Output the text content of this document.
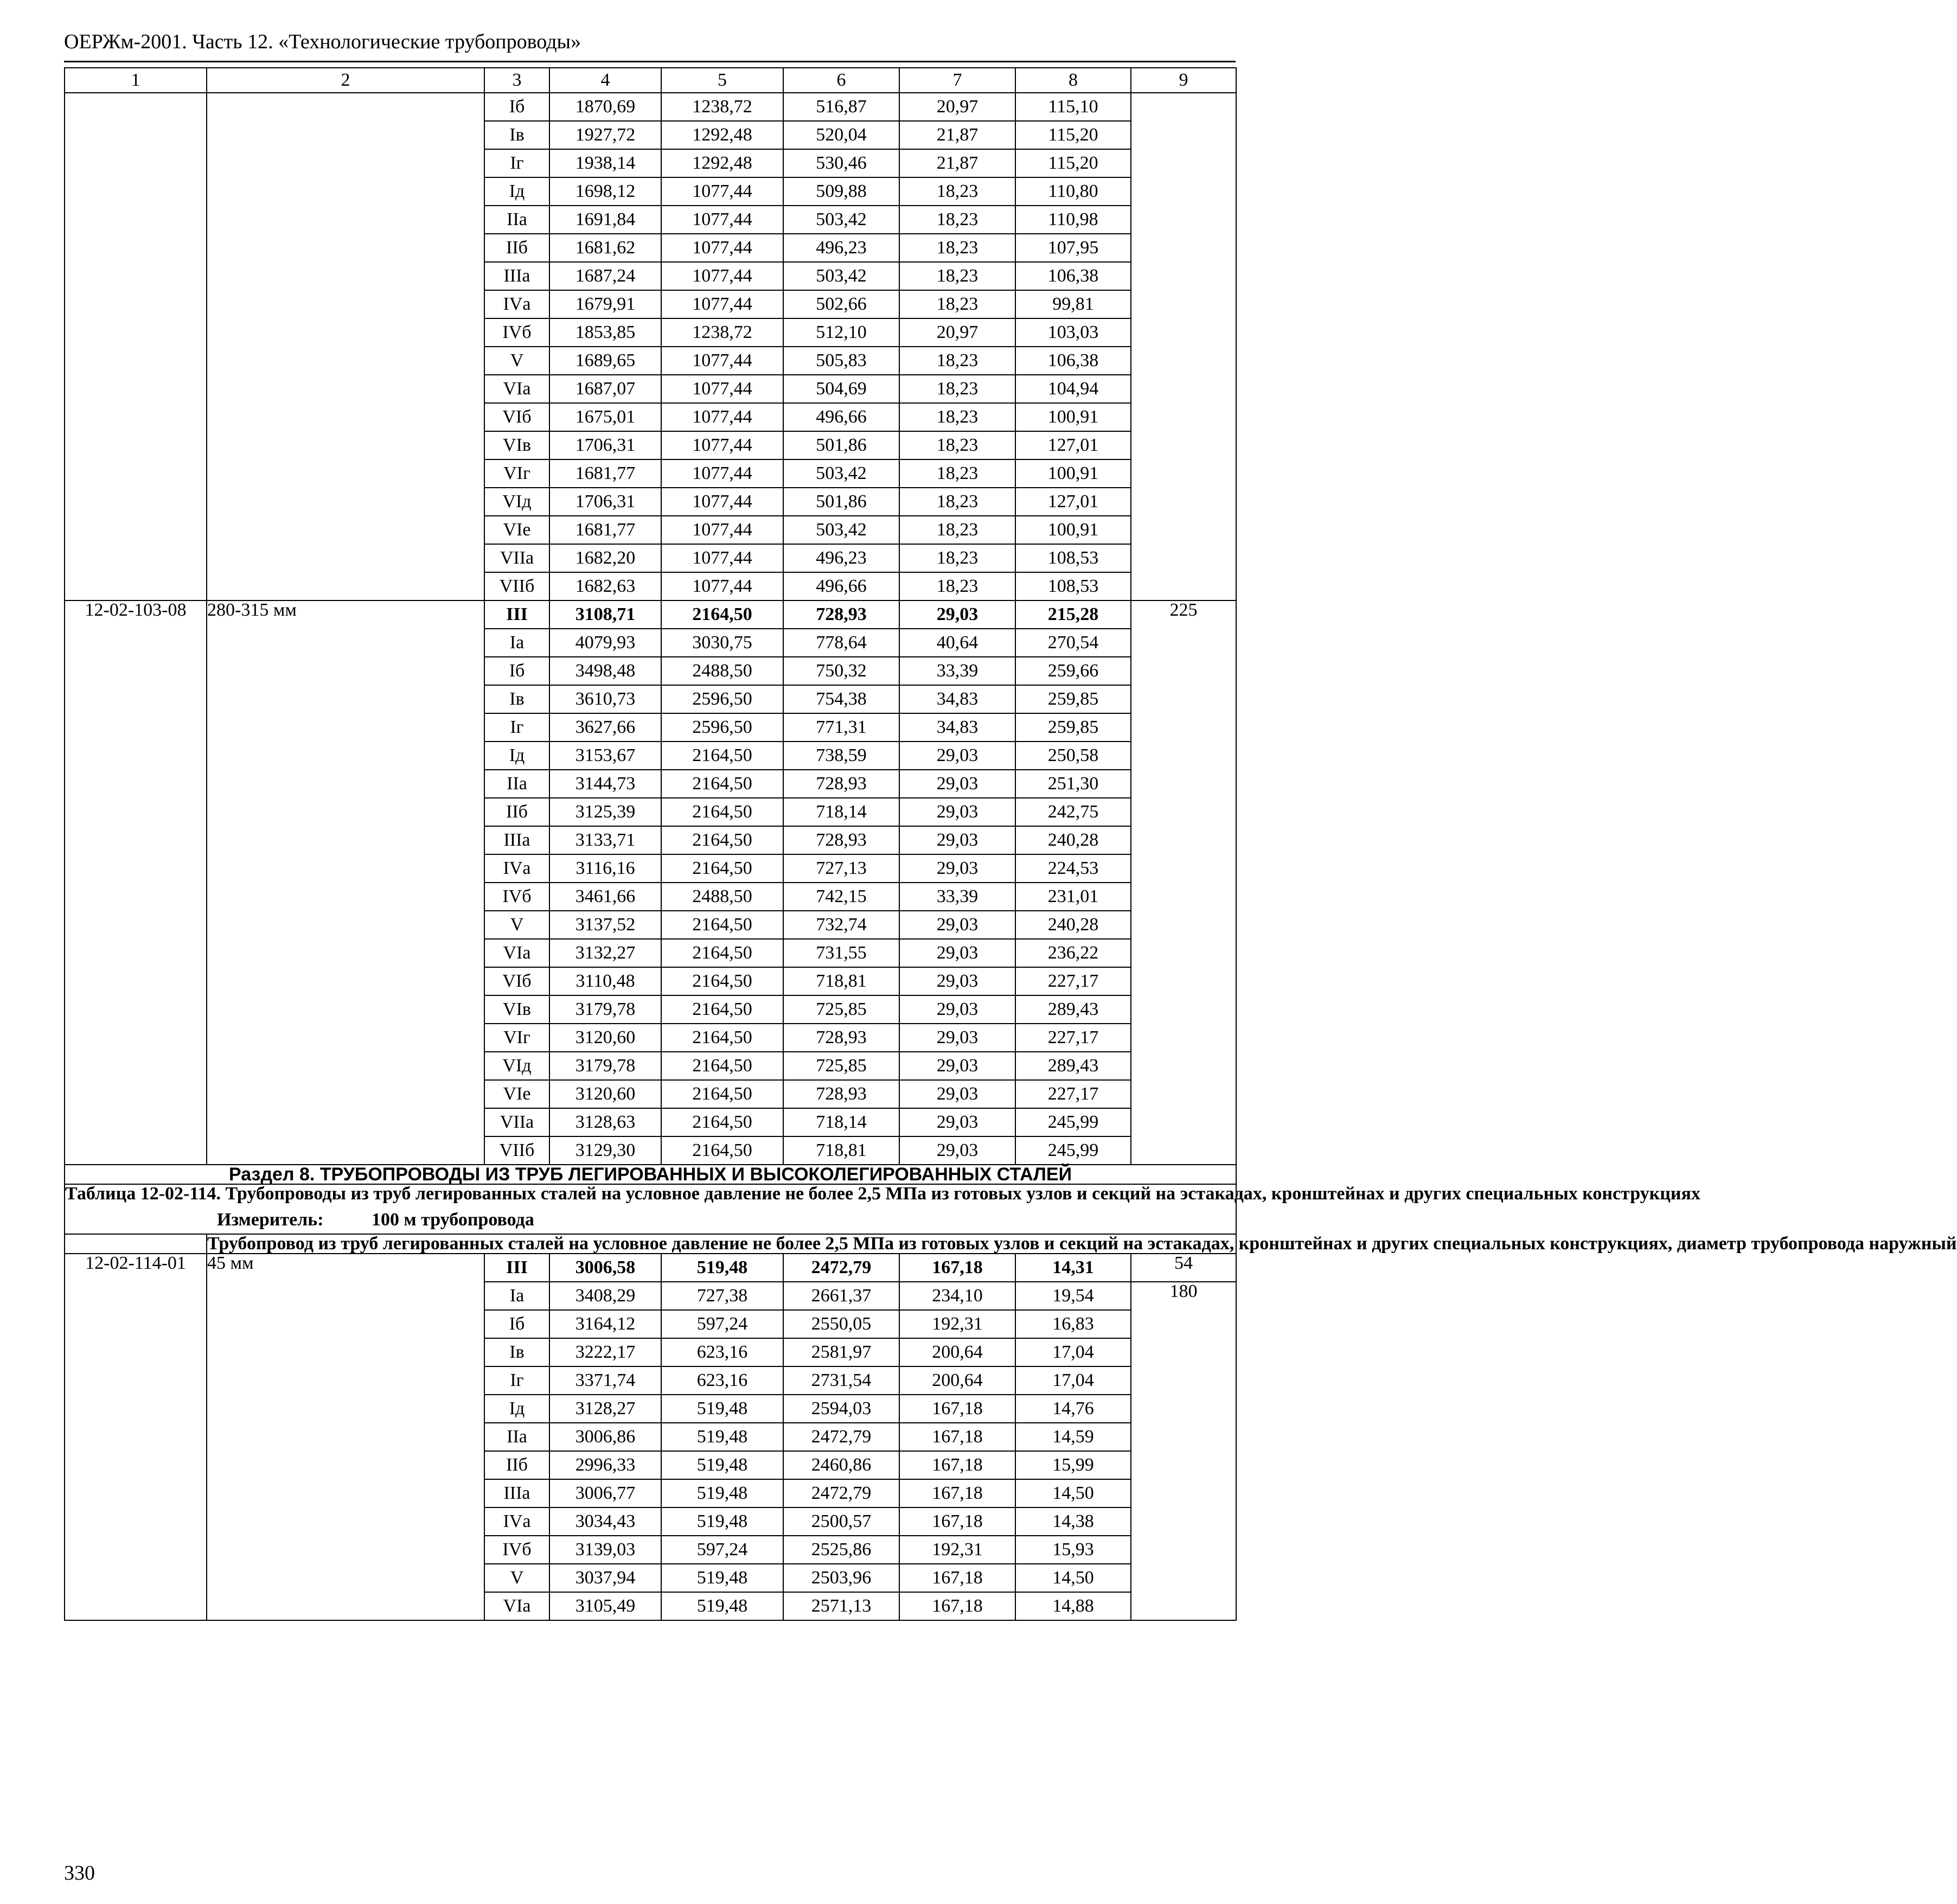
ОЕРЖм-2001. Часть 12. «Технологические трубопроводы»
1	2	3	4	5	6	7	8	9
		Iб	1870,69	1238,72	516,87	20,97	115,10	
		Iв	1927,72	1292,48	520,04	21,87	115,20	
		Iг	1938,14	1292,48	530,46	21,87	115,20	
		Iд	1698,12	1077,44	509,88	18,23	110,80	
		IIа	1691,84	1077,44	503,42	18,23	110,98	
		IIб	1681,62	1077,44	496,23	18,23	107,95	
		IIIа	1687,24	1077,44	503,42	18,23	106,38	
		IVа	1679,91	1077,44	502,66	18,23	99,81	
		IVб	1853,85	1238,72	512,10	20,97	103,03	
		V	1689,65	1077,44	505,83	18,23	106,38	
		VIа	1687,07	1077,44	504,69	18,23	104,94	
		VIб	1675,01	1077,44	496,66	18,23	100,91	
		VIв	1706,31	1077,44	501,86	18,23	127,01	
		VIг	1681,77	1077,44	503,42	18,23	100,91	
		VIд	1706,31	1077,44	501,86	18,23	127,01	
		VIе	1681,77	1077,44	503,42	18,23	100,91	
		VIIа	1682,20	1077,44	496,23	18,23	108,53	
		VIIб	1682,63	1077,44	496,66	18,23	108,53	
12-02-103-08	280-315 мм	III	3108,71	2164,50	728,93	29,03	215,28	225
		Iа	4079,93	3030,75	778,64	40,64	270,54	
		Iб	3498,48	2488,50	750,32	33,39	259,66	
		Iв	3610,73	2596,50	754,38	34,83	259,85	
		Iг	3627,66	2596,50	771,31	34,83	259,85	
		Iд	3153,67	2164,50	738,59	29,03	250,58	
		IIа	3144,73	2164,50	728,93	29,03	251,30	
		IIб	3125,39	2164,50	718,14	29,03	242,75	
		IIIа	3133,71	2164,50	728,93	29,03	240,28	
		IVа	3116,16	2164,50	727,13	29,03	224,53	
		IVб	3461,66	2488,50	742,15	33,39	231,01	
		V	3137,52	2164,50	732,74	29,03	240,28	
		VIа	3132,27	2164,50	731,55	29,03	236,22	
		VIб	3110,48	2164,50	718,81	29,03	227,17	
		VIв	3179,78	2164,50	725,85	29,03	289,43	
		VIг	3120,60	2164,50	728,93	29,03	227,17	
		VIд	3179,78	2164,50	725,85	29,03	289,43	
		VIе	3120,60	2164,50	728,93	29,03	227,17	
		VIIа	3128,63	2164,50	718,14	29,03	245,99	
		VIIб	3129,30	2164,50	718,81	29,03	245,99	
Раздел 8. ТРУБОПРОВОДЫ ИЗ ТРУБ ЛЕГИРОВАННЫХ И ВЫСОКОЛЕГИРОВАННЫХ СТАЛЕЙ								

Таблица 12-02-114. Трубопроводы из труб легированных сталей на условное давление не более 2,5 МПа из готовых узлов и секций на эстакадах, кронштейнах и других специальных конструкциях
Измеритель: 100 м трубопровода								

	Трубопровод из труб легированных сталей на условное давление не более 2,5 МПа из готовых узлов и секций на эстакадах, кронштейнах и других специальных конструкциях, диаметр трубопровода наружный							
12-02-114-01	45 мм	III	3006,58	519,48	2472,79	167,18	14,31	54
		Iа	3408,29	727,38	2661,37	234,10	19,54	180
		Iб	3164,12	597,24	2550,05	192,31	16,83	
		Iв	3222,17	623,16	2581,97	200,64	17,04	
		Iг	3371,74	623,16	2731,54	200,64	17,04	
		Iд	3128,27	519,48	2594,03	167,18	14,76	
		IIа	3006,86	519,48	2472,79	167,18	14,59	
		IIб	2996,33	519,48	2460,86	167,18	15,99	
		IIIа	3006,77	519,48	2472,79	167,18	14,50	
		IVа	3034,43	519,48	2500,57	167,18	14,38	
		IVб	3139,03	597,24	2525,86	192,31	15,93	
		V	3037,94	519,48	2503,96	167,18	14,50	
		VIа	3105,49	519,48	2571,13	167,18	14,88	
330
